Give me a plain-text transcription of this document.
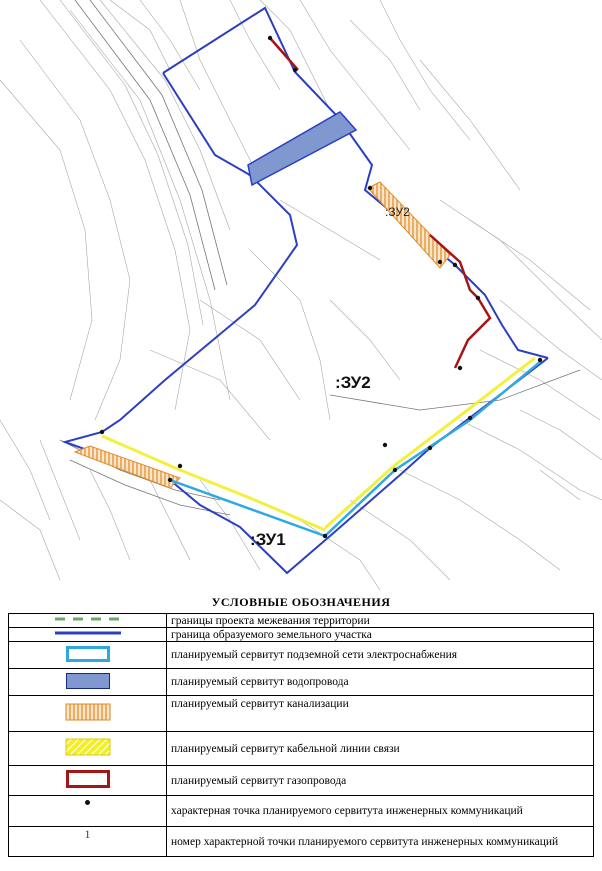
:ЗУ2
:ЗУ1
:ЗУ2
УСЛОВНЫЕ ОБОЗНАЧЕНИЯ
	границы проекта межевания территории
	граница образуемого земельного участка
	планируемый сервитут подземной сети электроснабжения
	планируемый сервитут водопровода
	планируемый сервитут канализации
	планируемый сервитут кабельной линии связи
	планируемый сервитут газопровода
	характерная точка планируемого сервитута инженерных коммуникаций
1	номер характерной точки планируемого сервитута инженерных коммуникаций
